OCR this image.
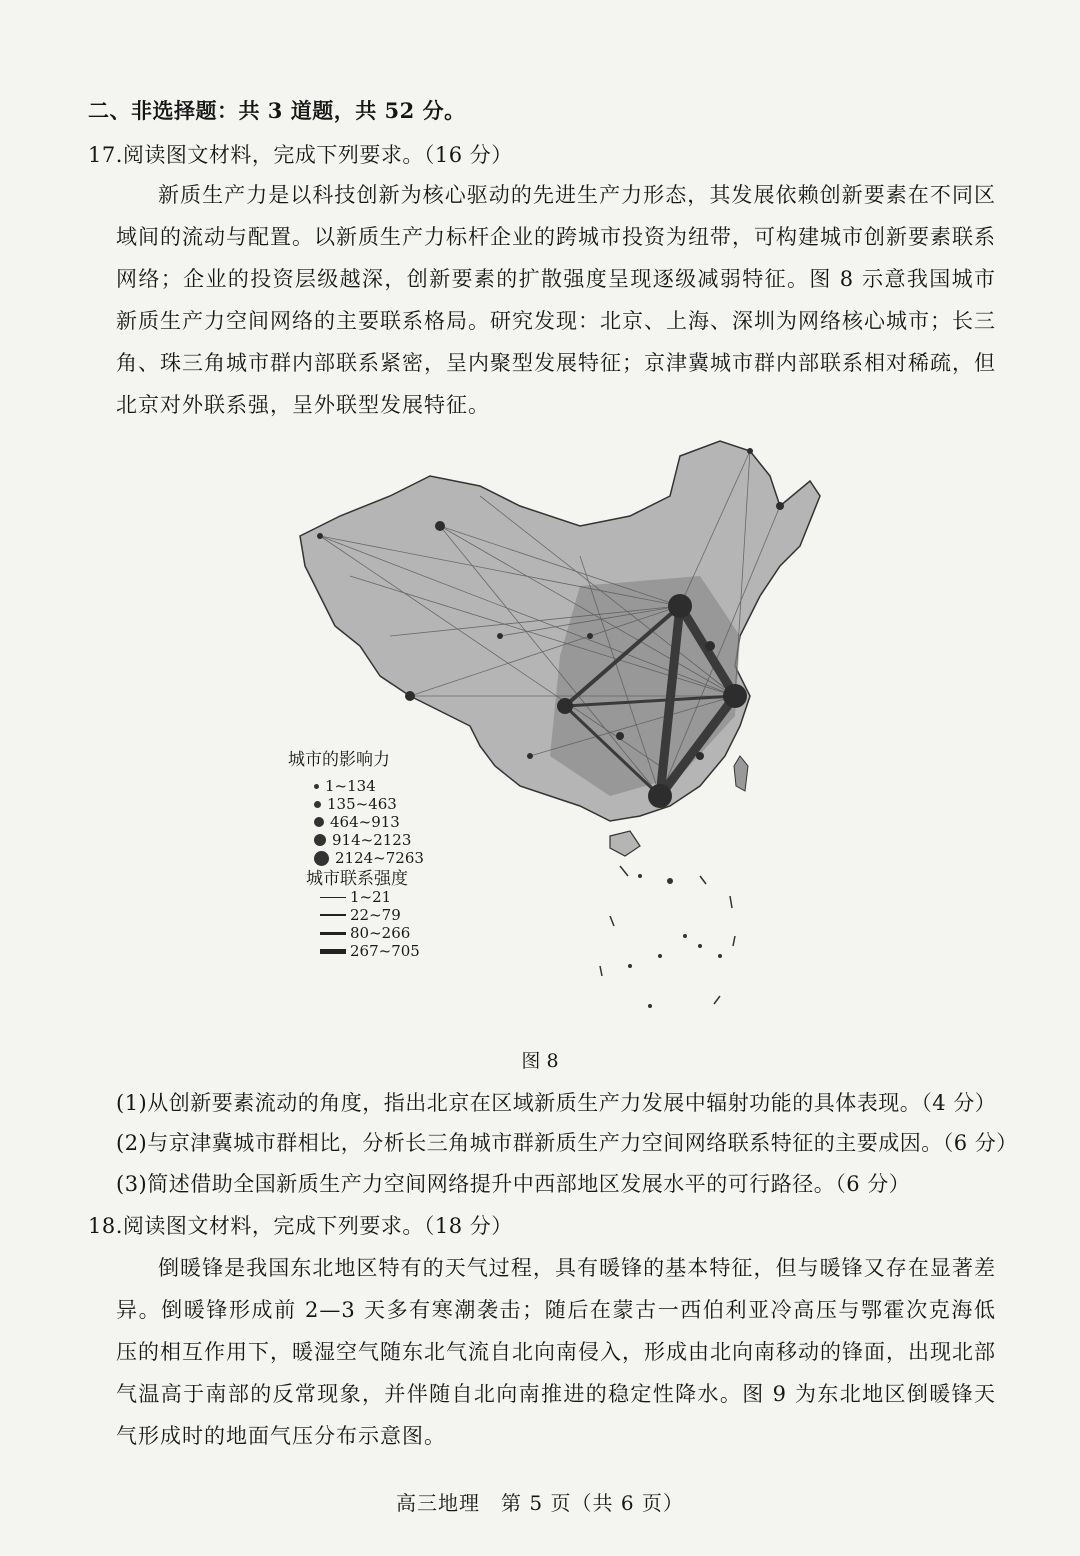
二、非选择题：共 3 道题，共 52 分。
17.阅读图文材料，完成下列要求。（16 分）
新质生产力是以科技创新为核心驱动的先进生产力形态，其发展依赖创新要素在不同区域间的流动与配置。以新质生产力标杆企业的跨城市投资为纽带，可构建城市创新要素联系网络；企业的投资层级越深，创新要素的扩散强度呈现逐级减弱特征。图 8 示意我国城市新质生产力空间网络的主要联系格局。研究发现：北京、上海、深圳为网络核心城市；长三角、珠三角城市群内部联系紧密，呈内聚型发展特征；京津冀城市群内部联系相对稀疏，但北京对外联系强，呈外联型发展特征。
城市的影响力
1~134
135~463
464~913
914~2123
2124~7263
城市联系强度
1~21
22~79
80~266
267~705
图 8
(1)从创新要素流动的角度，指出北京在区域新质生产力发展中辐射功能的具体表现。（4 分）
(2)与京津冀城市群相比，分析长三角城市群新质生产力空间网络联系特征的主要成因。（6 分）
(3)简述借助全国新质生产力空间网络提升中西部地区发展水平的可行路径。（6 分）
18.阅读图文材料，完成下列要求。（18 分）
倒暖锋是我国东北地区特有的天气过程，具有暖锋的基本特征，但与暖锋又存在显著差异。倒暖锋形成前 2—3 天多有寒潮袭击；随后在蒙古一西伯利亚冷高压与鄂霍次克海低压的相互作用下，暖湿空气随东北气流自北向南侵入，形成由北向南移动的锋面，出现北部气温高于南部的反常现象，并伴随自北向南推进的稳定性降水。图 9 为东北地区倒暖锋天气形成时的地面气压分布示意图。
高三地理　第 5 页（共 6 页）
